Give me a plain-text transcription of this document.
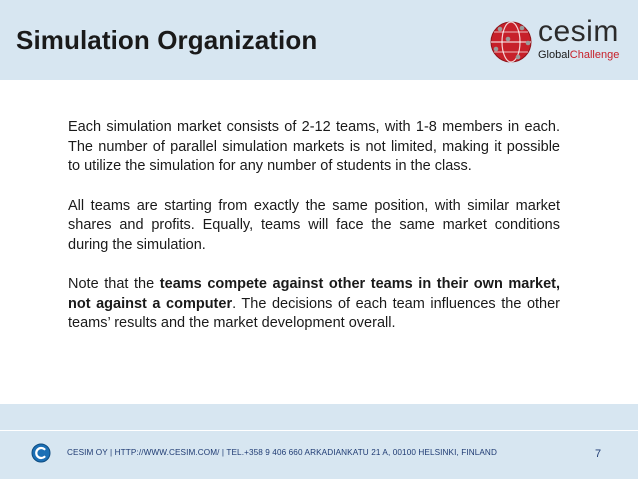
Simulation Organization	cesim
GlobalChallenge

Each simulation market consists of 2-12 teams, with 1-8 members in each. The number of parallel simulation markets is not limited, making it possible to utilize the simulation for any number of students in the class.

All teams are starting from exactly the same position, with similar market shares and profits. Equally, teams will face the same market conditions during the simulation.

Note that the teams compete against other teams in their own market, not against a computer. The decisions of each team influences the other teams’ results and the market development overall.

CESIM OY | HTTP://WWW.CESIM.COM/ | TEL.+358 9 406 660 ARKADIANKATU 21 A, 00100 HELSINKI, FINLAND	7
